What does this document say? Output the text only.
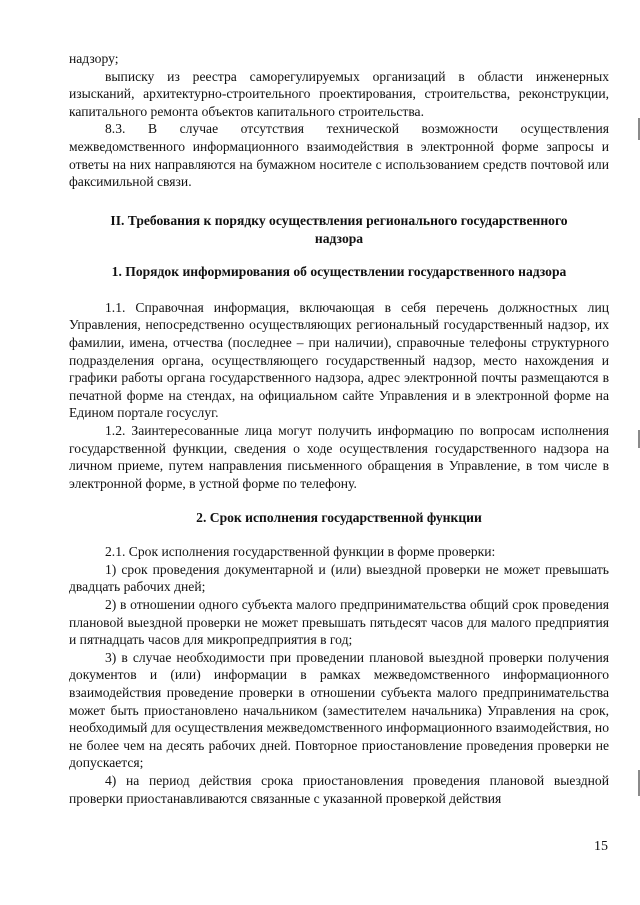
надзору;

выписку из реестра саморегулируемых организаций в области инженерных изысканий, архитектурно-строительного проектирования, строительства, реконструкции, капитального ремонта объектов капитального строительства.

8.3. В случае отсутствия технической возможности осуществления межведомственного информационного взаимодействия в электронной форме запросы и ответы на них направляются на бумажном носителе с использованием средств почтовой или факсимильной связи.

II. Требования к порядку осуществления регионального государственного

надзора

1. Порядок информирования об осуществлении государственного надзора

1.1. Справочная информация, включающая в себя перечень должностных лиц Управления, непосредственно осуществляющих региональный государственный надзор, их фамилии, имена, отчества (последнее – при наличии), справочные телефоны структурного подразделения органа, осуществляющего государственный надзор, место нахождения и графики работы органа государственного надзора, адрес электронной почты размещаются в печатной форме на стендах, на официальном сайте Управления и в электронной форме на Едином портале госуслуг.

1.2. Заинтересованные лица могут получить информацию по вопросам исполнения государственной функции, сведения о ходе осуществления государственного надзора на личном приеме, путем направления письменного обращения в Управление, в том числе в электронной форме, в устной форме по телефону.

2. Срок исполнения государственной функции

2.1. Срок исполнения государственной функции в форме проверки:

1) срок проведения документарной и (или) выездной проверки не может превышать двадцать рабочих дней;

2) в отношении одного субъекта малого предпринимательства общий срок проведения плановой выездной проверки не может превышать пятьдесят часов для малого предприятия и пятнадцать часов для микропредприятия в год;

3) в случае необходимости при проведении плановой выездной проверки получения документов и (или) информации в рамках межведомственного информационного взаимодействия проведение проверки в отношении субъекта малого предпринимательства может быть приостановлено начальником (заместителем начальника) Управления на срок, необходимый для осуществления межведомственного информационного взаимодействия, но не более чем на десять рабочих дней. Повторное приостановление проведения проверки не допускается;

4) на период действия срока приостановления проведения плановой выездной проверки приостанавливаются связанные с указанной проверкой действия

15
